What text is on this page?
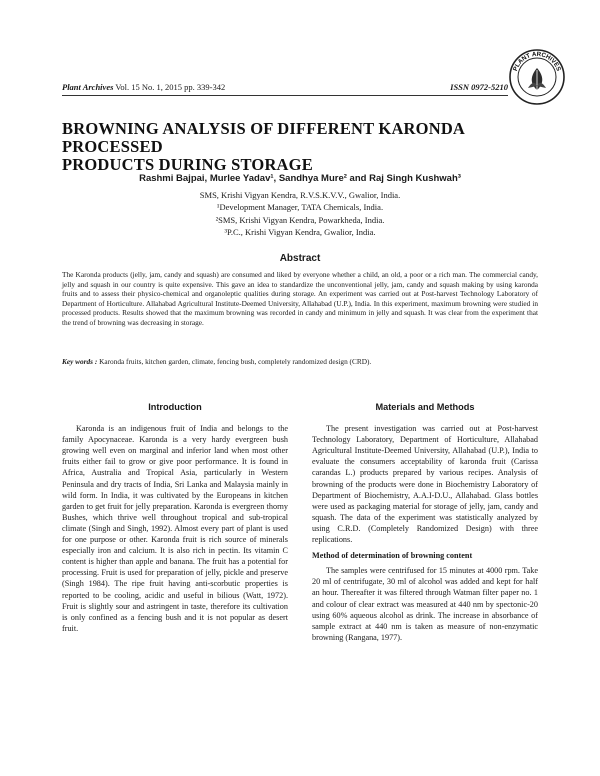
Plant Archives Vol. 15 No. 1, 2015 pp. 339-342	ISSN 0972-5210
PLANT ARCHIVES
BROWNING ANALYSIS OF DIFFERENT KARONDA PROCESSED
PRODUCTS DURING STORAGE
Rashmi Bajpai, Murlee Yadav¹, Sandhya Mure² and Raj Singh Kushwah³
SMS, Krishi Vigyan Kendra, R.V.S.K.V.V., Gwalior, India.
¹Development Manager, TATA Chemicals, India.
²SMS, Krishi Vigyan Kendra, Powarkheda, India.
³P.C., Krishi Vigyan Kendra, Gwalior, India.
Abstract
The Karonda products (jelly, jam, candy and squash) are consumed and liked by everyone whether a child, an old, a poor or a rich man. The commercial candy, jelly and squash in our country is quite expensive. This gave an idea to standardize the unconventional jelly, jam, candy and squash making by using karonda fruits and to assess their physico-chemical and organoleptic qualities during storage. An experiment was carried out at Post-harvest Technology Laboratory of Department of Horticulture. Allahabad Agricultural Institute-Deemed University, Allahabad (U.P.), India. In this experiment, maximum browning were studied in processed products. Results showed that the maximum browning was recorded in candy and minimum in jelly and squash. It was clear from the experiment that the trend of browning was decreasing in storage.
Key words : Karonda fruits, kitchen garden, climate, fencing bush, completely randomized design (CRD).
Introduction

Karonda is an indigenous fruit of India and belongs to the family Apocynaceae. Karonda is a very hardy evergreen bush growing well even on marginal and inferior land when most other fruits either fail to grow or give poor performance. It is found in Africa, Australia and Tropical Asia, particularly in Western Peninsula and dry tracts of India, Sri Lanka and Malaysia mainly in wild form. In India, it was cultivated by the Europeans in kitchen garden to get fruit for jelly preparation. Karonda is evergreen thorny Bushes, which thrive well throughout tropical and sub-tropical climate (Singh and Singh, 1992). Almost every part of plant is used for one purpose or other. Karonda fruit is rich source of minerals especially iron and calcium. It is also rich in pectin. Its vitamin C content is higher than apple and banana. The fruit has a potential for processing. Fruit is used for preparation of jelly, pickle and preserve (Singh 1984). The ripe fruit having anti-scorbutic properties is reported to be cooling, acidic and useful in bilious (Watt, 1972). Fruit is slightly sour and astringent in taste, therefore its cultivation is only confined as a fencing bush and it is not popular as desert fruit.

Materials and Methods

The present investigation was carried out at Post-harvest Technology Laboratory, Department of Horticulture, Allahabad Agricultural Institute-Deemed University, Allahabad (U.P.), India to evaluate the consumers acceptability of karonda fruit (Carissa carandas L.) products prepared by various recipes. Analysis of browning of the products were done in Biochemistry Laboratory of Department of Biochemistry, A.A.I-D.U., Allahabad. Glass bottles were used as packaging material for storage of jelly, jam, candy and squash. The data of the experiment was statistically analyzed by using C.R.D. (Completely Randomized Design) with three replications.

Method of determination of browning content

The samples were centrifused for 15 minutes at 4000 rpm. Take 20 ml of centrifugate, 30 ml of alcohol was added and kept for half an hour. Thereafter it was filtered through Watman filter paper no. 1 and colour of clear extract was measured at 440 nm by spectonic-20 using 60% aqueous alcohol as drink. The increase in absorbance of sample extract at 440 nm is taken as measure of non-enzymatic browning (Rangana, 1977).
